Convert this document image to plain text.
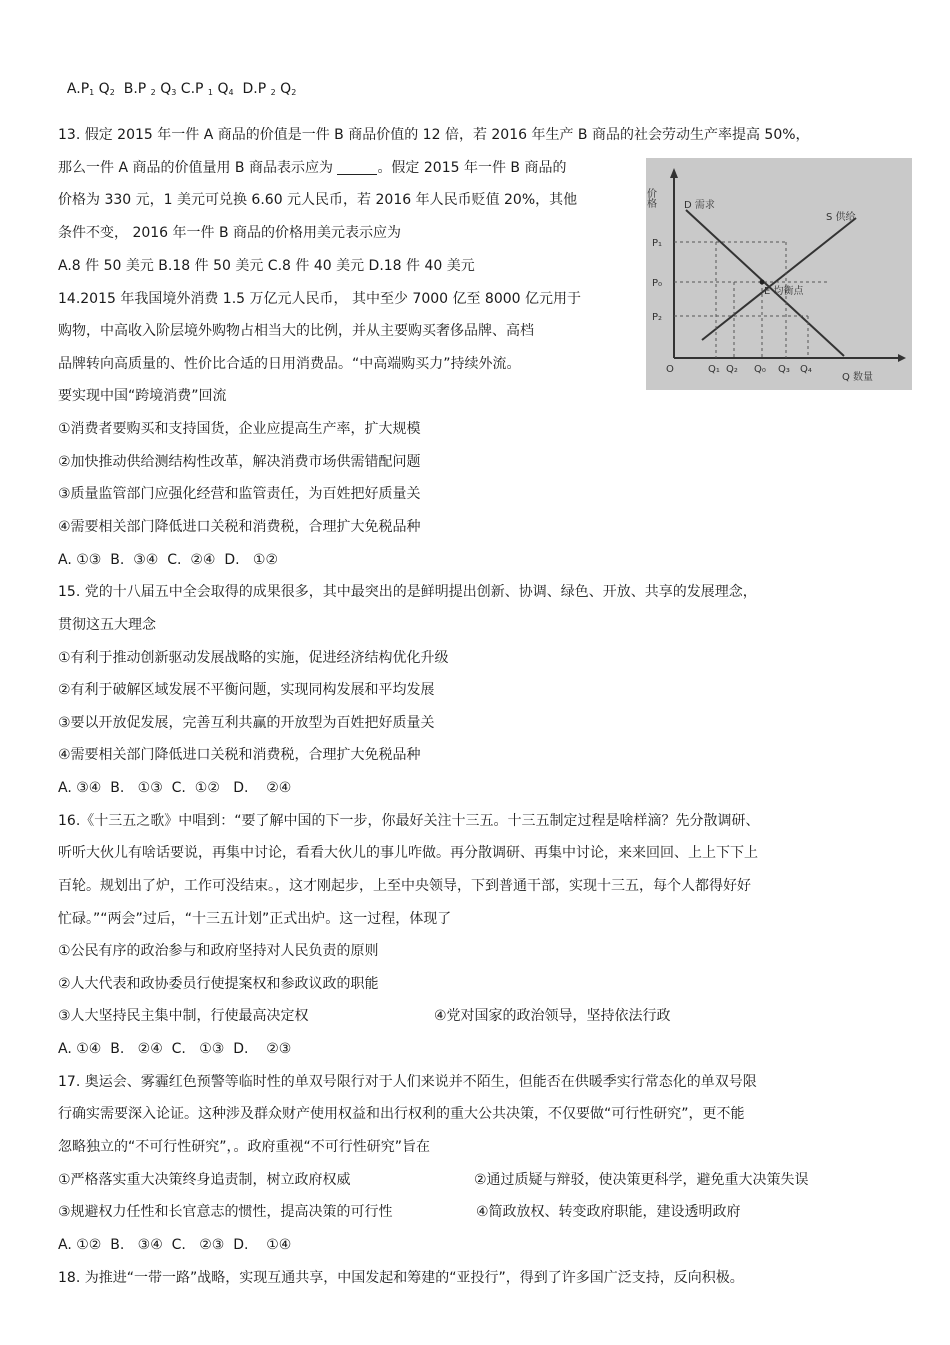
$A.P_1$ $Q_2$  B.P $_2$ $Q_3$ C.P $_1$ $Q_4$  D.P $_2$ $Q_2$

13. 假定 2015 年一件 A 商品的价值是一件 B 商品价值的 12 倍，若 2016 年生产 B 商品的社会劳动生产率提高 50%，
那么一件 A 商品的价值量用 B 商品表示应为	。假定 2015 年一件 B 商品的
价格为 330 元，1 美元可兑换 6.60 元人民币，若 2016 年人民币贬值 20%，其他
条件不变， 2016 年一件 B 商品的价格用美元表示应为
A.8 件 50 美元 B.18 件 50 美元 C.8 件 40 美元 D.18 件 40 美元
14.2015 年我国境外消费 1.5 万亿元人民币， 其中至少 7000 亿至 8000 亿元用于
购物，中高收入阶层境外购物占相当大的比例，并从主要购买奢侈品牌、高档
品牌转向高质量的、性价比合适的日用消费品。“中高端购买力”持续外流。
要实现中国“跨境消费”回流
①消费者要购买和支持国货，企业应提高生产率，扩大规模
②加快推动供给测结构性改革，解决消费市场供需错配问题
③质量监管部门应强化经营和监管责任，为百姓把好质量关
④需要相关部门降低进口关税和消费税，合理扩大免税品种
A. ①③  B.  ③④  C.  ②④  D.   ①②
15. 党的十八届五中全会取得的成果很多，其中最突出的是鲜明提出创新、协调、绿色、开放、共享的发展理念，
贯彻这五大理念
①有利于推动创新驱动发展战略的实施，促进经济结构优化升级
②有利于破解区域发展不平衡问题，实现同构发展和平均发展
③要以开放促发展，完善互利共赢的开放型为百姓把好质量关
④需要相关部门降低进口关税和消费税，合理扩大免税品种
A. ③④  B.   ①③  C.  ①②   D.    ②④
16.《十三五之歌》中唱到：“要了解中国的下一步，你最好关注十三五。十三五制定过程是啥样滴？先分散调研、
听听大伙儿有啥话要说，再集中讨论，看看大伙儿的事儿咋做。再分散调研、再集中讨论，来来回回、上上下下上
百轮。规划出了炉，工作可没结束。，这才刚起步，上至中央领导，下到普通干部，实现十三五，每个人都得好好
忙碌。”“两会”过后，“十三五计划”正式出炉。这一过程，体现了
①公民有序的政治参与和政府坚持对人民负责的原则
②人大代表和政协委员行使提案权和参政议政的职能
③人大坚持民主集中制，行使最高决定权	④党对国家的政治领导，坚持依法行政
A. ①④  B.   ②④  C.   ①③  D.    ②③
17. 奥运会、雾霾红色预警等临时性的单双号限行对于人们来说并不陌生，但能否在供暖季实行常态化的单双号限
行确实需要深入论证。这种涉及群众财产使用权益和出行权利的重大公共决策，不仅要做“可行性研究”，更不能
忽略独立的“不可行性研究”，。政府重视“不可行性研究”旨在
①严格落实重大决策终身追责制，树立政府权威	②通过质疑与辩驳，使决策更科学，避免重大决策失误
③规避权力任性和长官意志的惯性，提高决策的可行性	④简政放权、转变政府职能，建设透明政府
A. ①②  B.   ③④  C.   ②③  D.    ①④
18. 为推进“一带一路”战略，实现互通共享，中国发起和筹建的“亚投行”，得到了许多国广泛支持，反向积极。
价格
Q 数量
D 需求
S 供给
E 均衡点
O
P₁
P₀
P₂
Q₁ Q₂ Q₀ Q₃ Q₄
